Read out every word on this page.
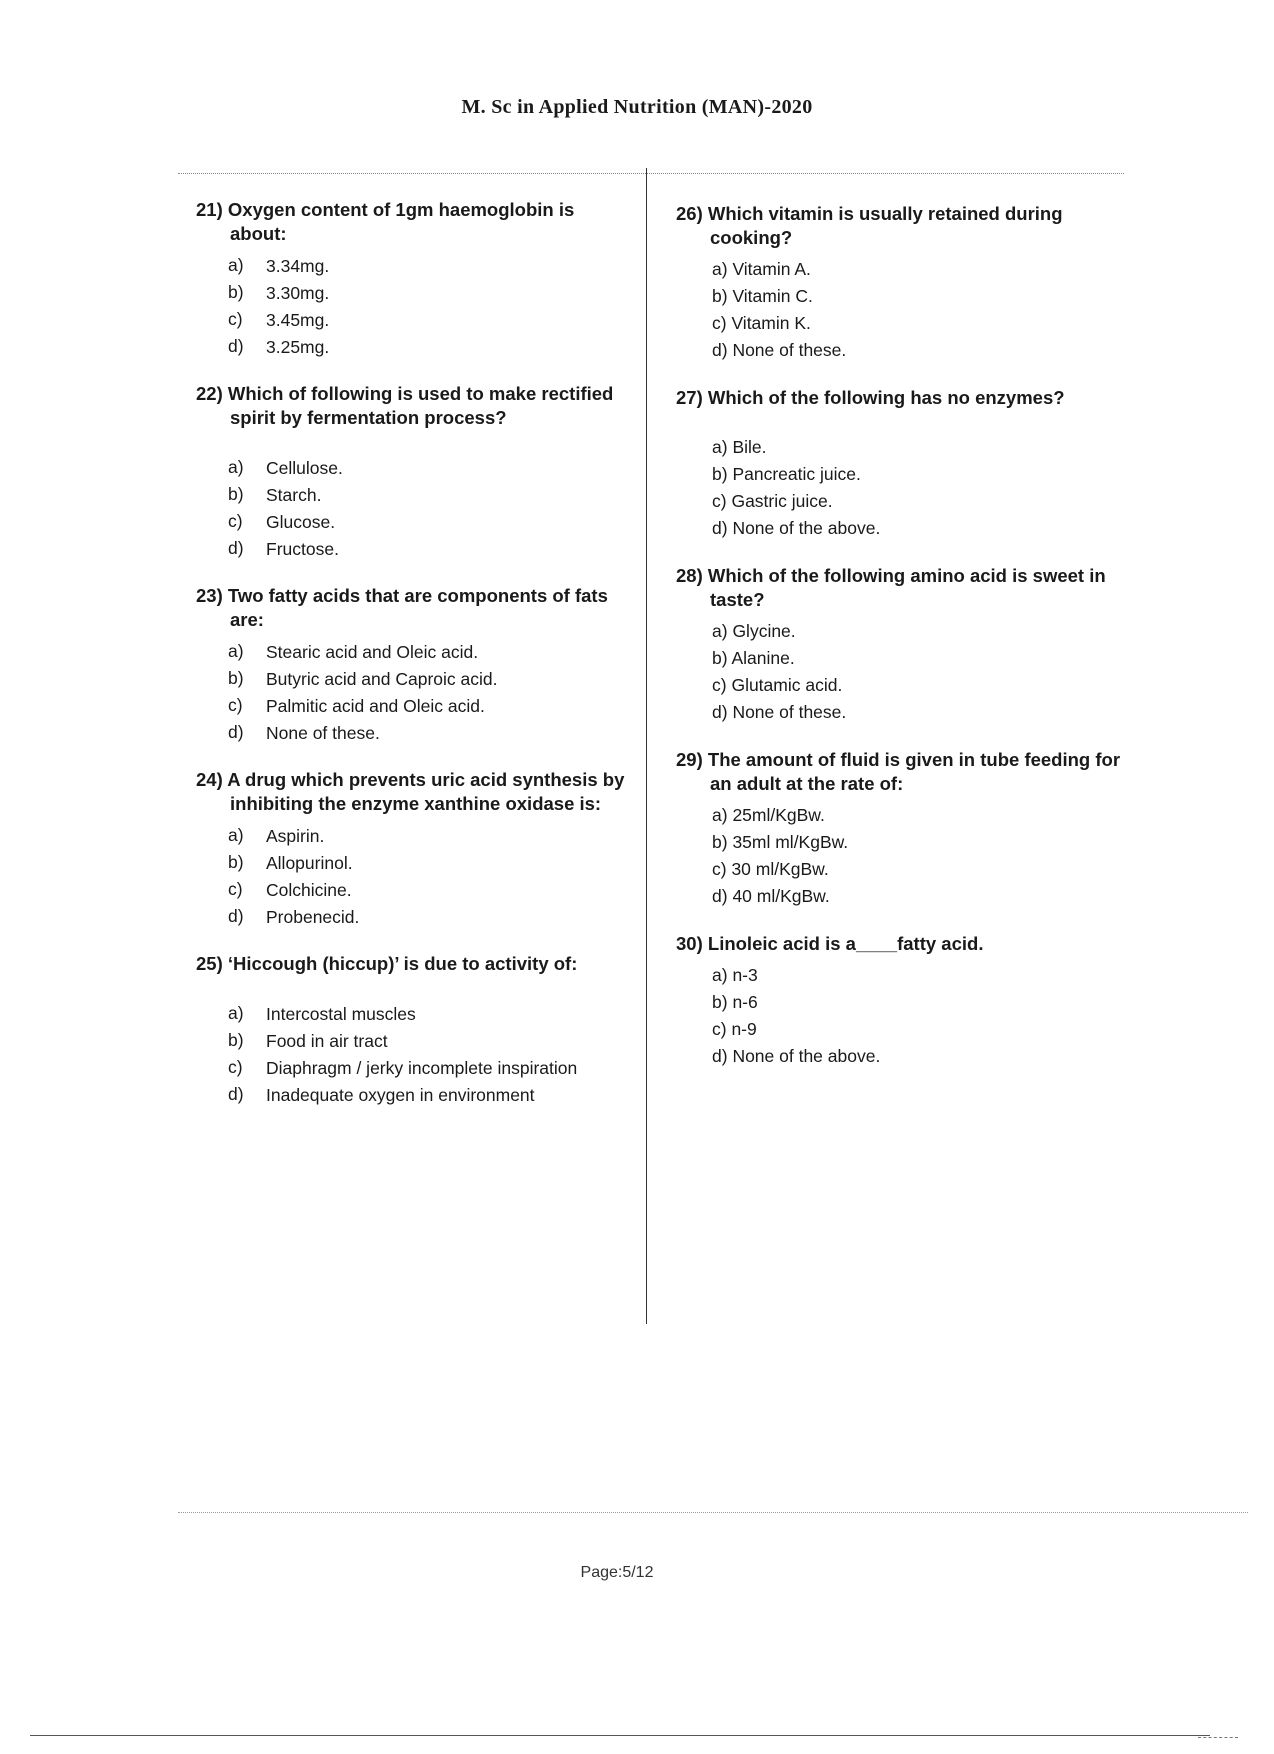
M. Sc in Applied Nutrition (MAN)-2020
21) Oxygen content of 1gm haemoglobin is about:
a)	3.34mg.
b)	3.30mg.
c)	3.45mg.
d)	3.25mg.
22) Which of following is used to make rectified spirit by fermentation process?
a)	Cellulose.
b)	Starch.
c)	Glucose.
d)	Fructose.
23) Two fatty acids that are components of fats are:
a)	Stearic acid and Oleic acid.
b)	Butyric acid and Caproic acid.
c)	Palmitic acid and Oleic acid.
d)	None of these.
24) A drug which prevents uric acid synthesis by inhibiting the enzyme xanthine oxidase is:
a)	Aspirin.
b)	Allopurinol.
c)	Colchicine.
d)	Probenecid.
25) ‘Hiccough (hiccup)’ is due to activity of:
a)	Intercostal muscles
b)	Food in air tract
c)	Diaphragm / jerky incomplete inspiration
d)	Inadequate oxygen in environment
26) Which vitamin is usually retained during cooking?
a) Vitamin A.
b) Vitamin C.
c) Vitamin K.
d) None of these.
27) Which of the following has no enzymes?
a) Bile.
b) Pancreatic juice.
c) Gastric juice.
d) None of the above.
28) Which of the following amino acid is sweet in taste?
a) Glycine.
b) Alanine.
c) Glutamic acid.
d) None of these.
29) The amount of fluid is given in tube feeding for an adult at the rate of:
a) 25ml/KgBw.
b) 35ml ml/KgBw.
c) 30 ml/KgBw.
d) 40 ml/KgBw.
30) Linoleic acid is a____fatty acid.
a) n-3
b) n-6
c) n-9
d) None of the above.
Page:5/12
